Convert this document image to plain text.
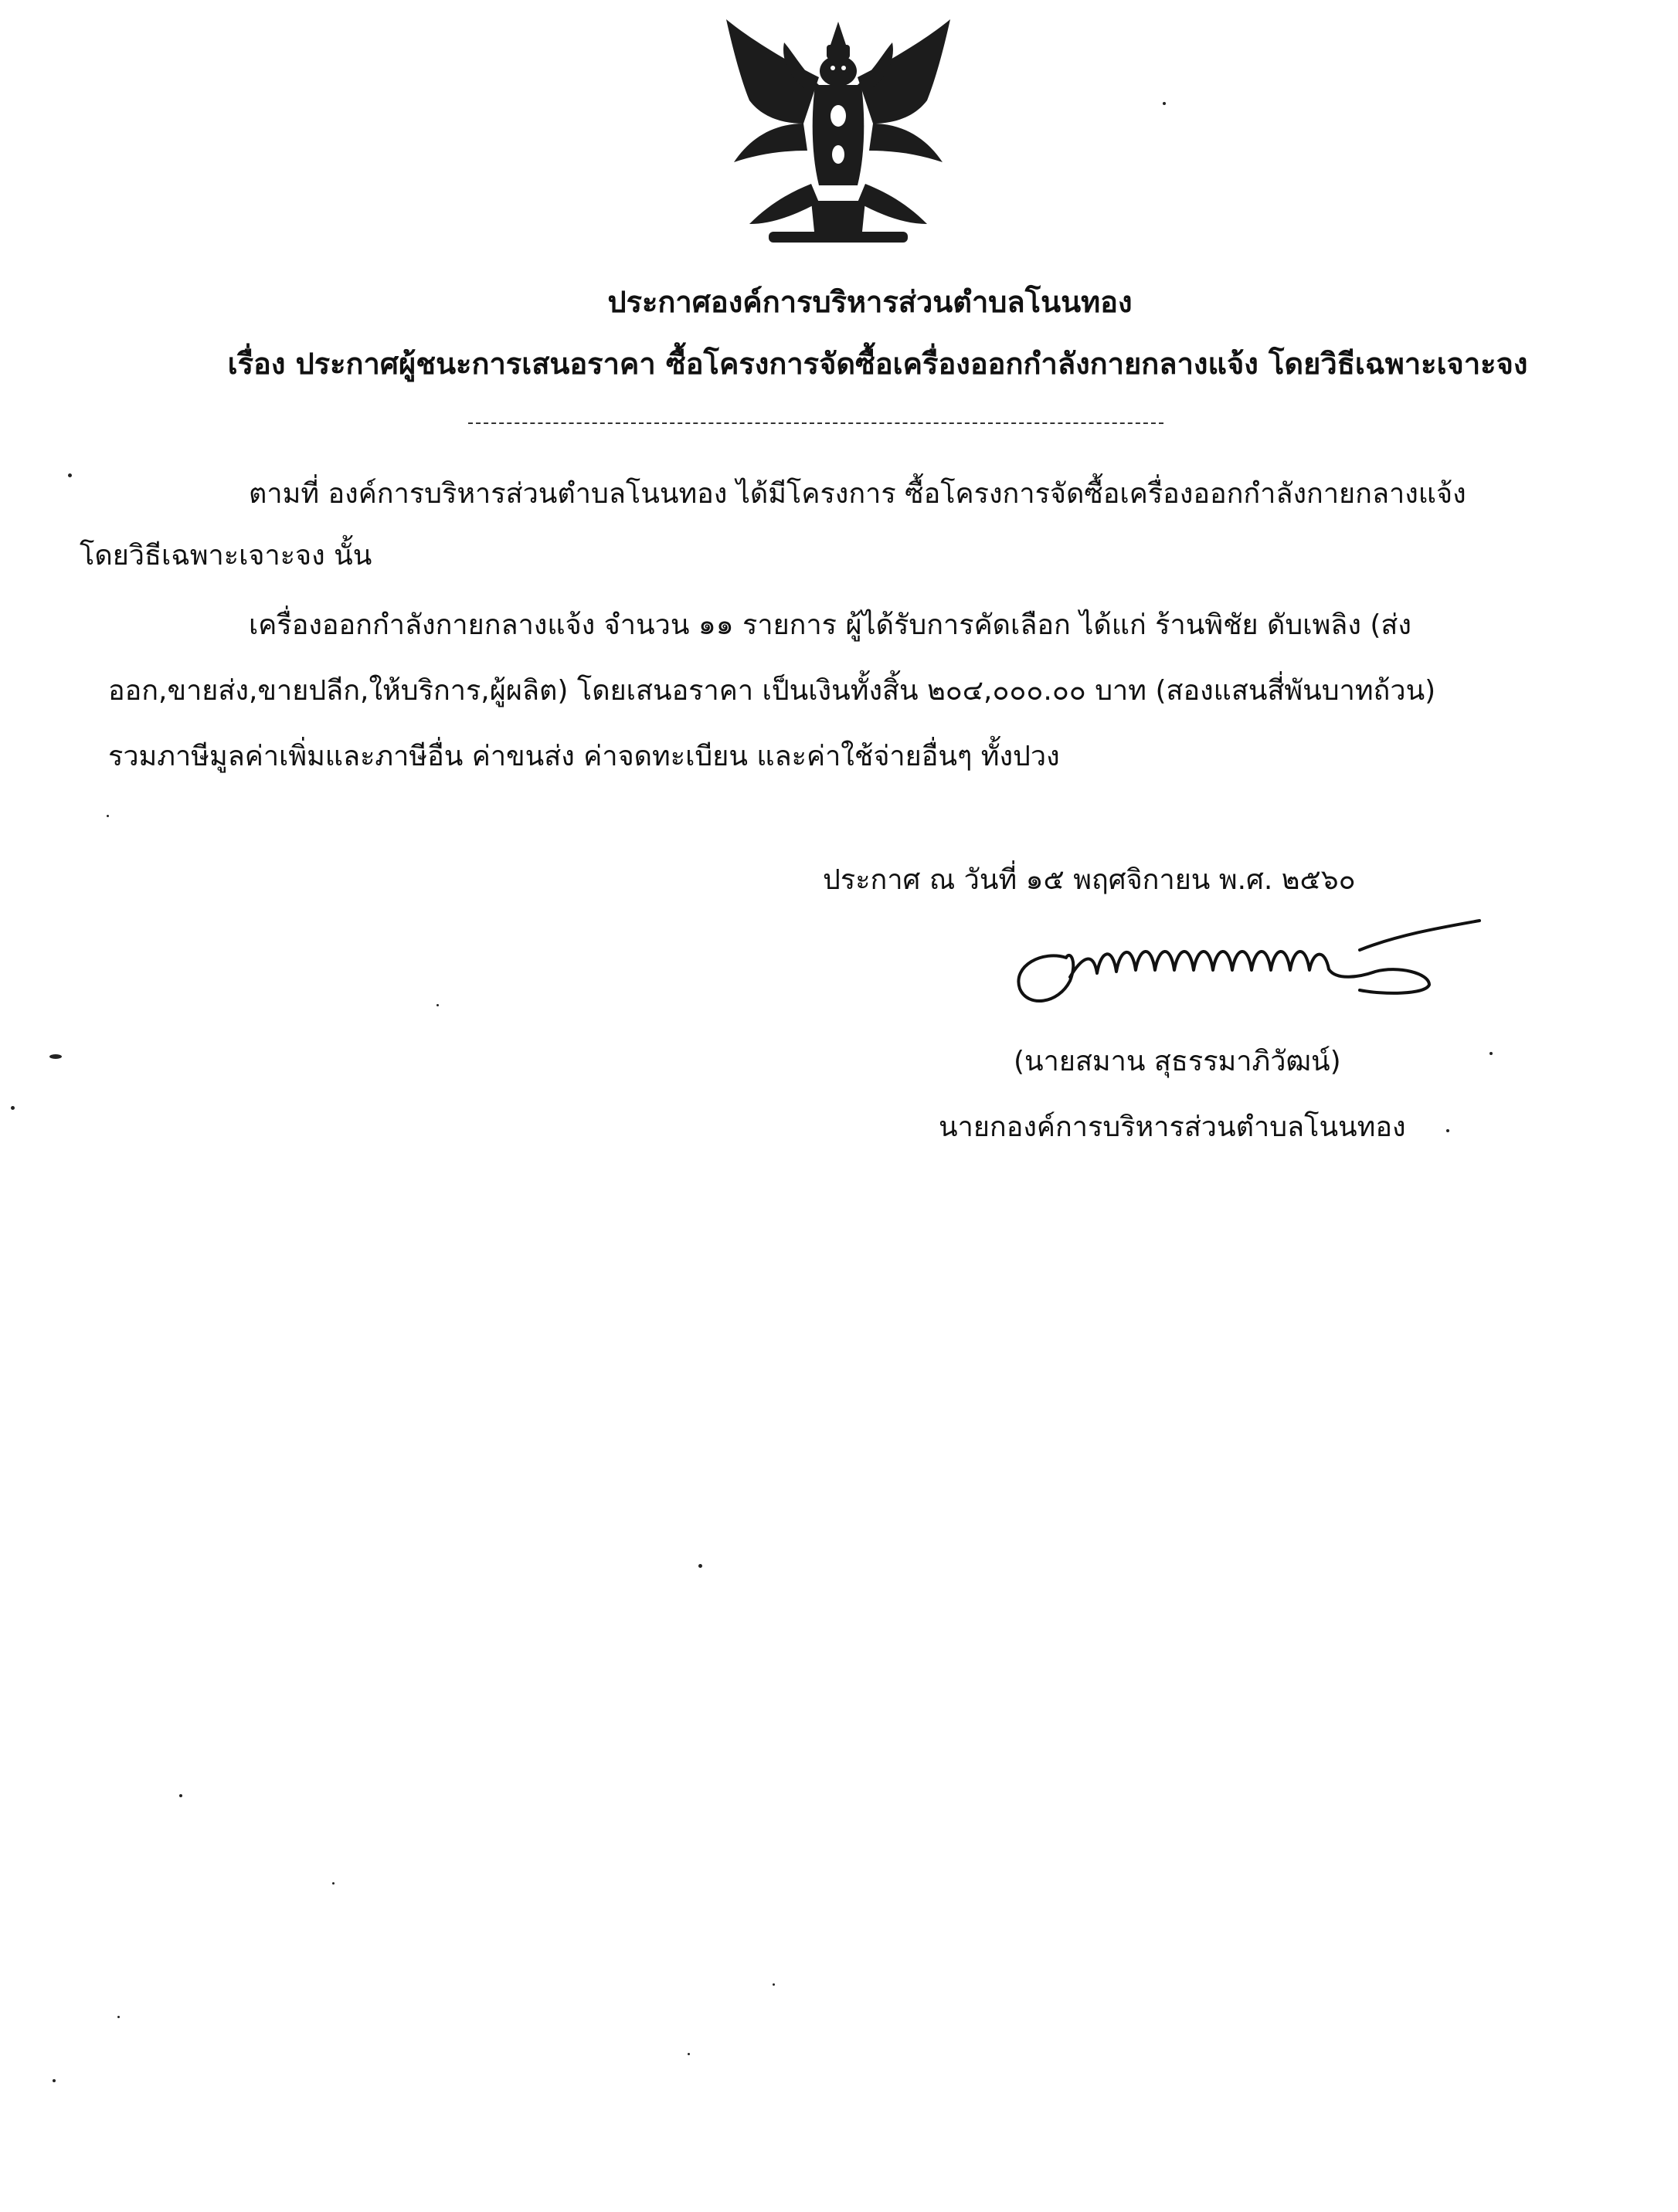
ประกาศองค์การบริหารส่วนตำบลโนนทอง
เรื่อง ประกาศผู้ชนะการเสนอราคา ซื้อโครงการจัดซื้อเครื่องออกกำลังกายกลางแจ้ง โดยวิธีเฉพาะเจาะจง
ตามที่ องค์การบริหารส่วนตำบลโนนทอง ได้มีโครงการ ซื้อโครงการจัดซื้อเครื่องออกกำลังกายกลางแจ้ง
โดยวิธีเฉพาะเจาะจง นั้น
เครื่องออกกำลังกายกลางแจ้ง จำนวน ๑๑ รายการ ผู้ได้รับการคัดเลือก ได้แก่ ร้านพิชัย ดับเพลิง (ส่ง
ออก,ขายส่ง,ขายปลีก,ให้บริการ,ผู้ผลิต) โดยเสนอราคา เป็นเงินทั้งสิ้น ๒๐๔,๐๐๐.๐๐ บาท (สองแสนสี่พันบาทถ้วน)
รวมภาษีมูลค่าเพิ่มและภาษีอื่น ค่าขนส่ง ค่าจดทะเบียน และค่าใช้จ่ายอื่นๆ ทั้งปวง
ประกาศ ณ วันที่ ๑๕ พฤศจิกายน พ.ศ. ๒๕๖๐
(นายสมาน สุธรรมาภิวัฒน์)
นายกองค์การบริหารส่วนตำบลโนนทอง
